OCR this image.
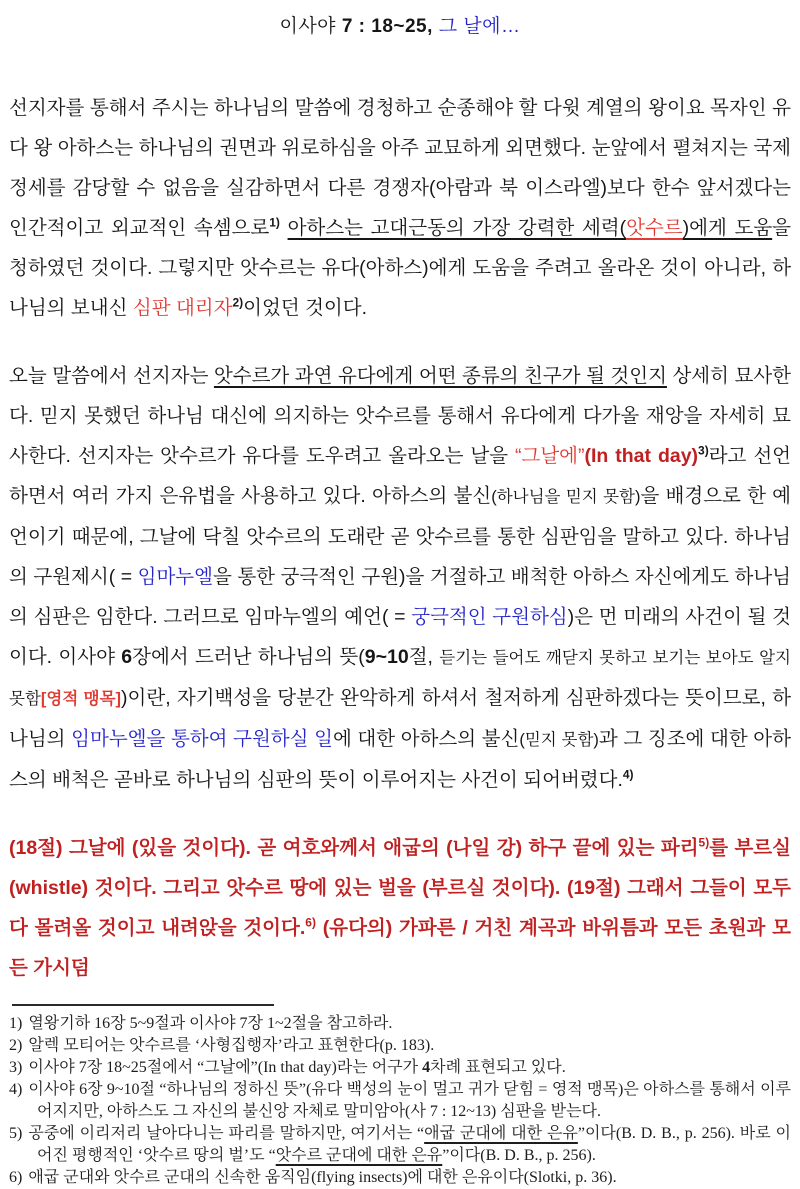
이사야 7 : 18~25, 그 날에…

선지자를 통해서 주시는 하나님의 말씀에 경청하고 순종해야 할 다윗 계열의 왕이요 목자인 유다 왕 아하스는 하나님의 권면과 위로하심을 아주 교묘하게 외면했다. 눈앞에서 펼쳐지는 국제정세를 감당할 수 없음을 실감하면서 다른 경쟁자(아람과 북 이스라엘)보다 한수 앞서겠다는 인간적이고 외교적인 속셈으로$^{1)}$ 아하스는 고대근동의 가장 강력한 세력(앗수르)에게 도움을 청하였던 것이다. 그렇지만 앗수르는 유다(아하스)에게 도움을 주려고 올라온 것이 아니라, 하나님의 보내신 심판 대리자$^{2)}$이었던 것이다.

오늘 말씀에서 선지자는 앗수르가 과연 유다에게 어떤 종류의 친구가 될 것인지 상세히 묘사한다. 믿지 못했던 하나님 대신에 의지하는 앗수르를 통해서 유다에게 다가올 재앙을 자세히 묘사한다. 선지자는 앗수르가 유다를 도우려고 올라오는 날을 “그날에”(In that day)$^{3)}$라고 선언하면서 여러 가지 은유법을 사용하고 있다. 아하스의 불신(하나님을 믿지 못함)을 배경으로 한 예언이기 때문에, 그날에 닥칠 앗수르의 도래란 곧 앗수르를 통한 심판임을 말하고 있다. 하나님의 구원제시( = 임마누엘을 통한 궁극적인 구원)을 거절하고 배척한 아하스 자신에게도 하나님의 심판은 임한다. 그러므로 임마누엘의 예언( = 궁극적인 구원하심)은 먼 미래의 사건이 될 것이다. 이사야 6장에서 드러난 하나님의 뜻(9~10절, 듣기는 들어도 깨닫지 못하고 보기는 보아도 알지 못함[영적 맹목])이란, 자기백성을 당분간 완악하게 하셔서 철저하게 심판하겠다는 뜻이므로, 하나님의 임마누엘을 통하여 구원하실 일에 대한 아하스의 불신(믿지 못함)과 그 징조에 대한 아하스의 배척은 곧바로 하나님의 심판의 뜻이 이루어지는 사건이 되어버렸다.$^{4)}$

(18절) 그날에 (있을 것이다). 곧 여호와께서 애굽의 (나일 강) 하구 끝에 있는 파리$^{5)}$를 부르실 (whistle) 것이다. 그리고 앗수르 땅에 있는 벌을 (부르실 것이다). (19절) 그래서 그들이 모두 다 몰려올 것이고 내려앉을 것이다.$^{6)}$ (유다의) 가파른 / 거친 계곡과 바위틈과 모든 초원과 모든 가시덤

1) 열왕기하 16장 5~9절과 이사야 7장 1~2절을 참고하라.

2) 알렉 모티어는 앗수르를 ‘사형집행자’라고 표현한다(p. 183).

3) 이사야 7장 18~25절에서 “그날에”(In that day)라는 어구가 4차례 표현되고 있다.

4) 이사야 6장 9~10절 “하나님의 정하신 뜻”(유다 백성의 눈이 멀고 귀가 닫힘 = 영적 맹목)은 아하스를 통해서 이루어지지만, 아하스도 그 자신의 불신앙 자체로 말미암아(사 7 : 12~13) 심판을 받는다.

5) 공중에 이리저리 날아다니는 파리를 말하지만, 여기서는 “애굽 군대에 대한 은유”이다(B. D. B., p. 256). 바로 이어진 평행적인 ‘앗수르 땅의 벌’도 “앗수르 군대에 대한 은유”이다(B. D. B., p. 256).

6) 애굽 군대와 앗수르 군대의 신속한 움직임(flying insects)에 대한 은유이다(Slotki, p. 36).
